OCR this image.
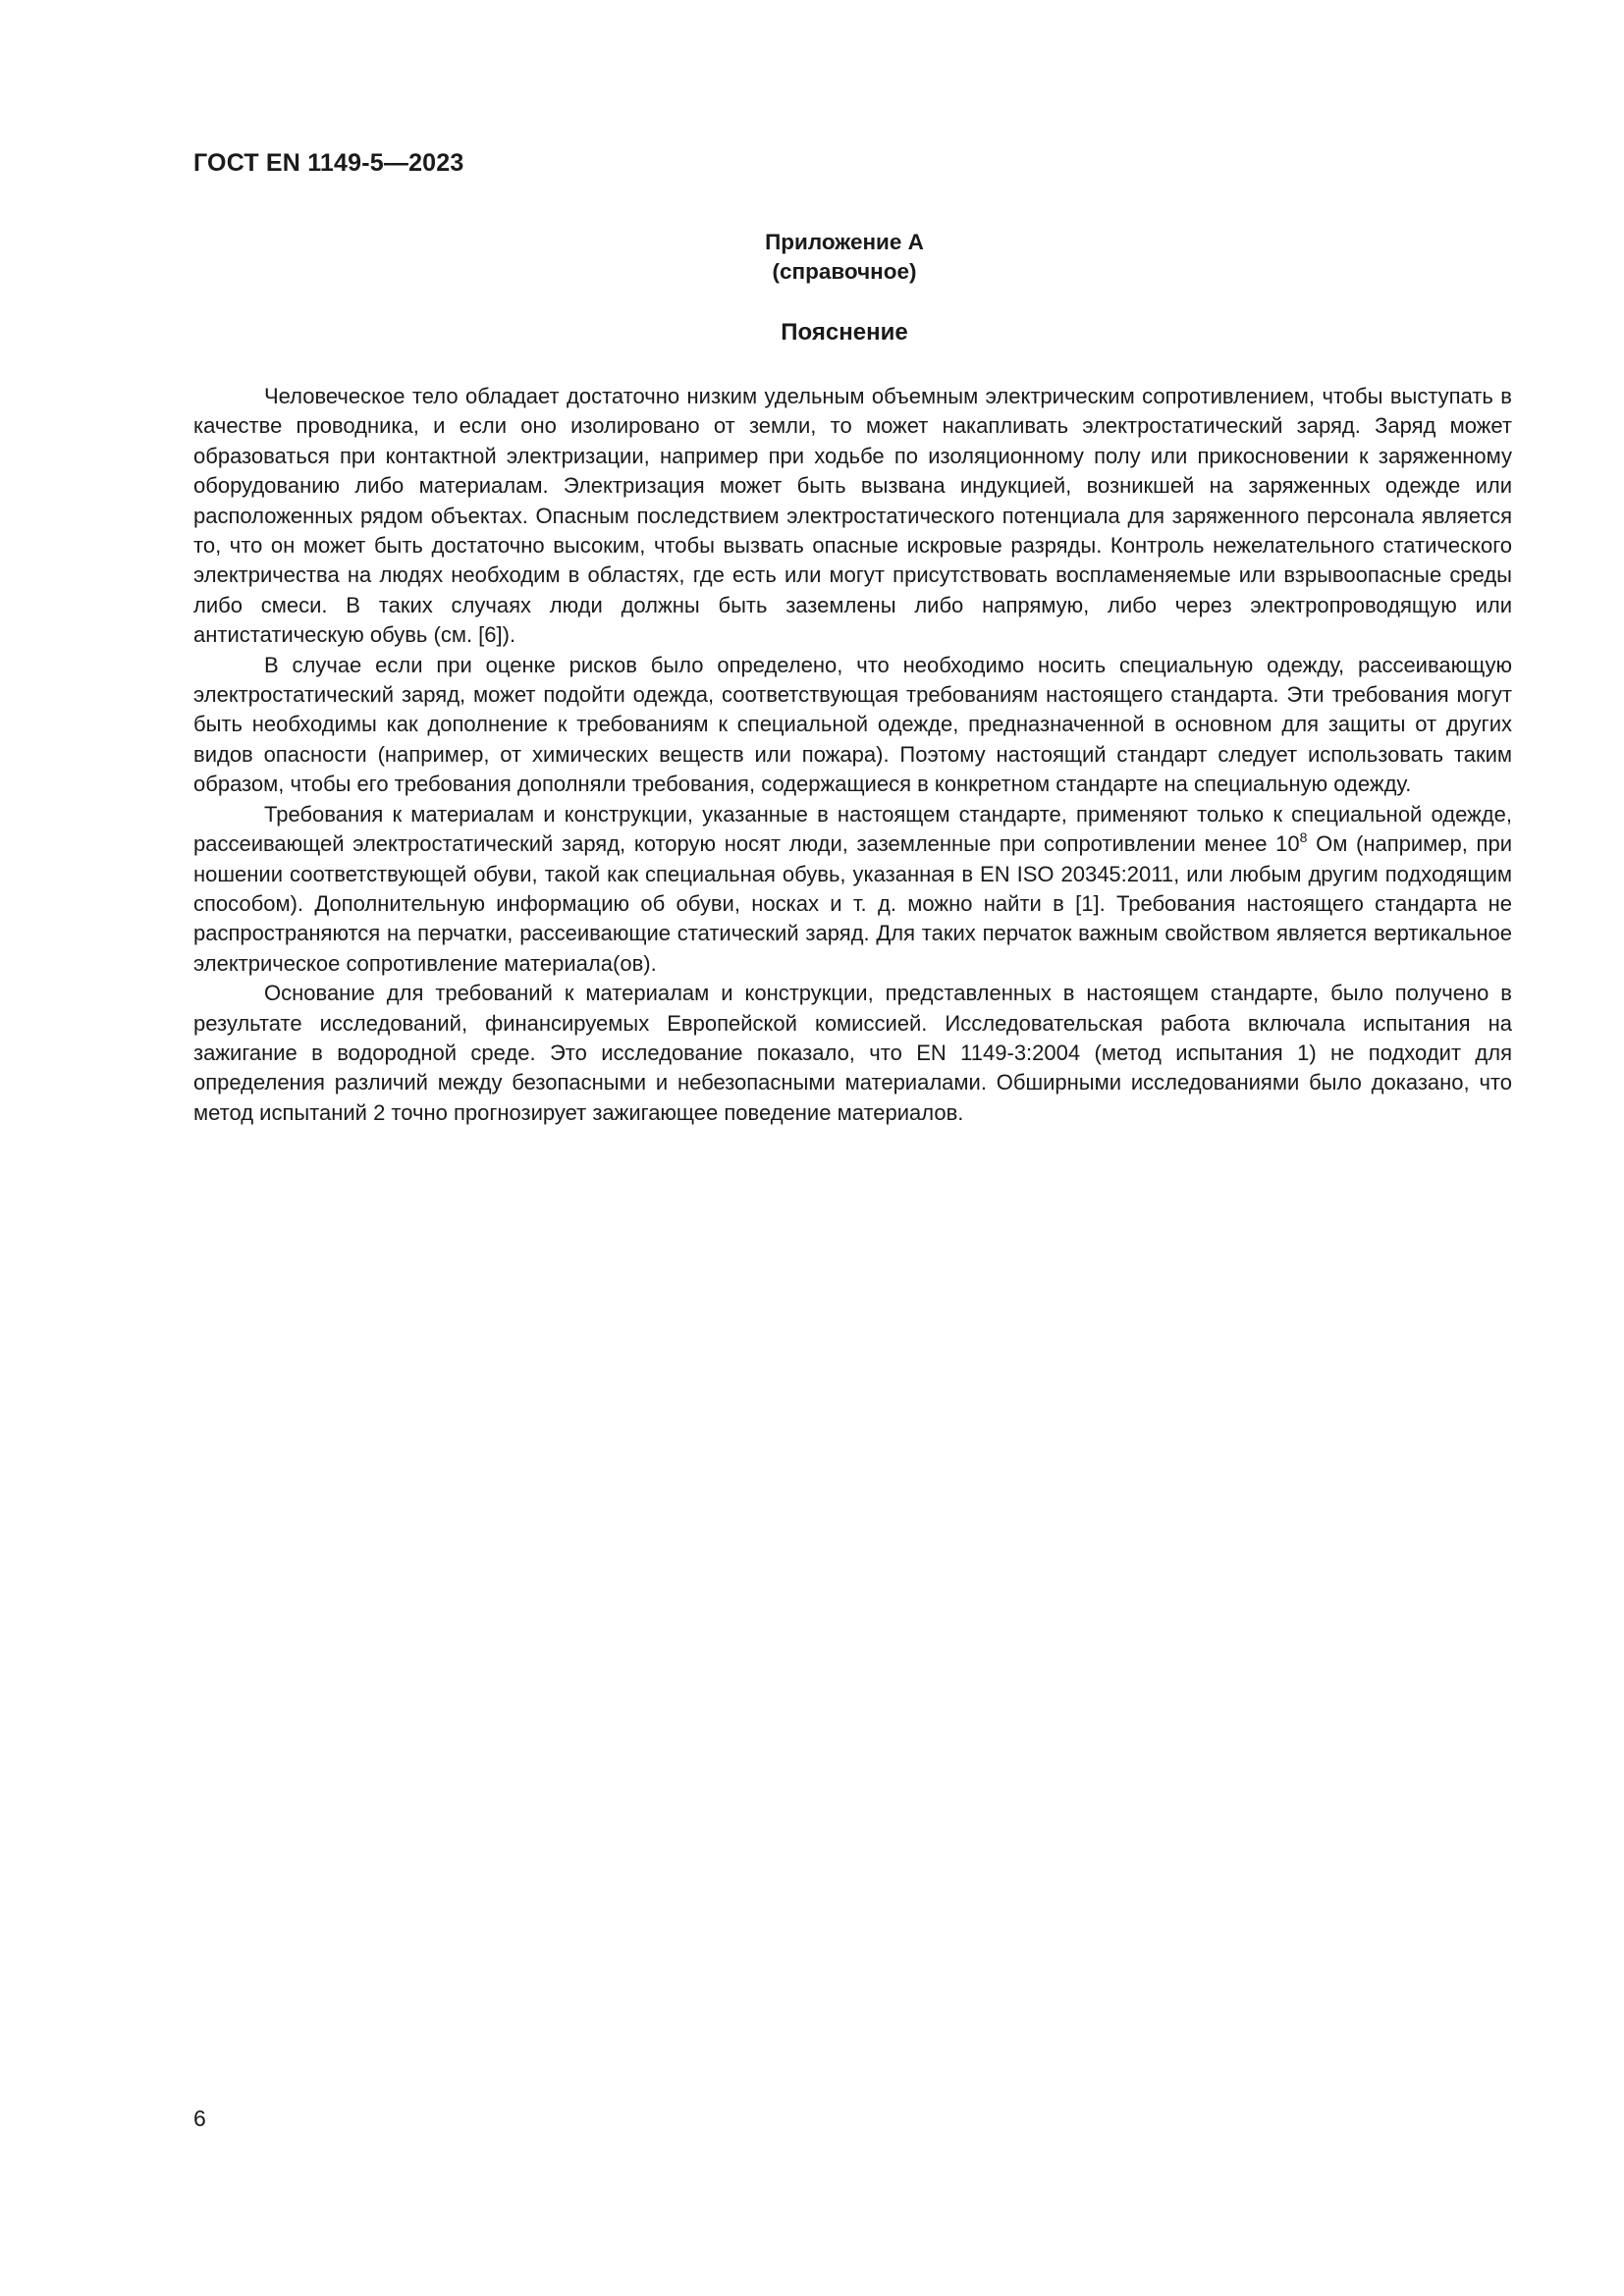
ГОСТ EN 1149-5—2023
Приложение А
(справочное)
Пояснение

Человеческое тело обладает достаточно низким удельным объемным электрическим сопротивлением, чтобы выступать в качестве проводника, и если оно изолировано от земли, то может накапливать электростатический заряд. Заряд может образоваться при контактной электризации, например при ходьбе по изоляционному полу или прикосновении к заряженному оборудованию либо материалам. Электризация может быть вызвана индукцией, возникшей на заряженных одежде или расположенных рядом объектах. Опасным последствием электростатического потенциала для заряженного персонала является то, что он может быть достаточно высоким, чтобы вызвать опасные искровые разряды. Контроль нежелательного статического электричества на людях необходим в областях, где есть или могут присутствовать воспламеняемые или взрывоопасные среды либо смеси. В таких случаях люди должны быть заземлены либо напрямую, либо через электропроводящую или антистатическую обувь (см. [6]).

В случае если при оценке рисков было определено, что необходимо носить специальную одежду, рассеивающую электростатический заряд, может подойти одежда, соответствующая требованиям настоящего стандарта. Эти требования могут быть необходимы как дополнение к требованиям к специальной одежде, предназначенной в основном для защиты от других видов опасности (например, от химических веществ или пожара). Поэтому настоящий стандарт следует использовать таким образом, чтобы его требования дополняли требования, содержащиеся в конкретном стандарте на специальную одежду.

Требования к материалам и конструкции, указанные в настоящем стандарте, применяют только к специальной одежде, рассеивающей электростатический заряд, которую носят люди, заземленные при сопротивлении менее $10^8$ Ом (например, при ношении соответствующей обуви, такой как специальная обувь, указанная в EN ISO 20345:2011, или любым другим подходящим способом). Дополнительную информацию об обуви, носках и т. д. можно найти в [1]. Требования настоящего стандарта не распространяются на перчатки, рассеивающие статический заряд. Для таких перчаток важным свойством является вертикальное электрическое сопротивление материала(ов).

Основание для требований к материалам и конструкции, представленных в настоящем стандарте, было получено в результате исследований, финансируемых Европейской комиссией. Исследовательская работа включала испытания на зажигание в водородной среде. Это исследование показало, что EN 1149-3:2004 (метод испытания 1) не подходит для определения различий между безопасными и небезопасными материалами. Обширными исследованиями было доказано, что метод испытаний 2 точно прогнозирует зажигающее поведение материалов.

6
